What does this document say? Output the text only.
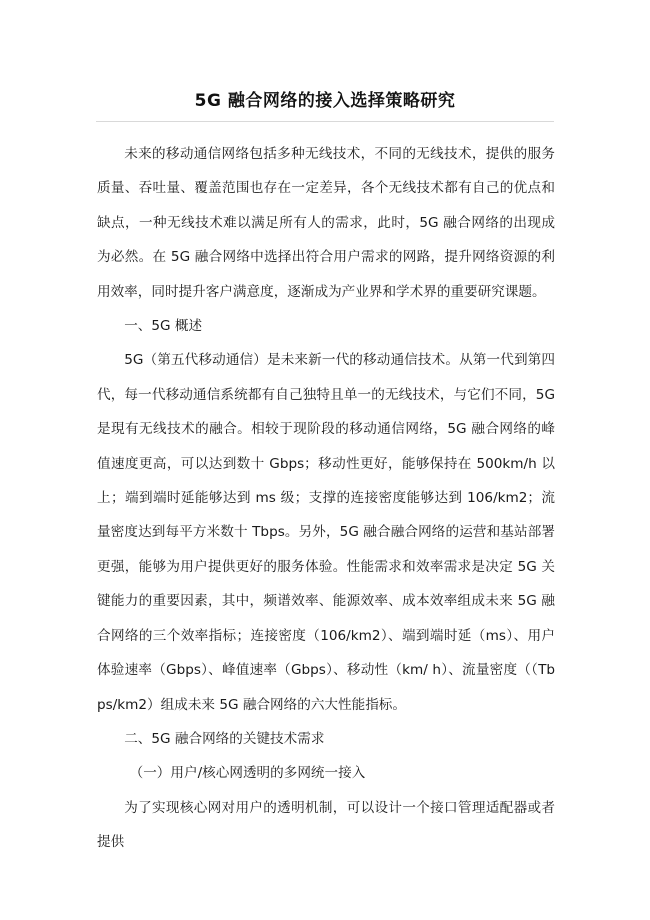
5G 融合网络的接入选择策略研究

未来的移动通信网络包括多种无线技术，不同的无线技术，提供的服务质量、吞吐量、覆盖范围也存在一定差异，各个无线技术都有自己的优点和缺点，一种无线技术难以满足所有人的需求，此时，5G 融合网络的出现成为必然。在 5G 融合网络中选择出符合用户需求的网路，提升网络资源的利用效率，同时提升客户满意度，逐渐成为产业界和学术界的重要研究课题。

一、5G 概述

5G（第五代移动通信）是未来新一代的移动通信技术。从第一代到第四代，每一代移动通信系统都有自己独特且单一的无线技术，与它们不同，5G 是現有无线技术的融合。相较于现阶段的移动通信网络，5G 融合网络的峰值速度更高，可以达到数十 Gbps；移动性更好，能够保持在 500km/h 以上；端到端时延能够达到 ms 级；支撑的连接密度能够达到 106/km2；流量密度达到每平方米数十 Tbps。另外，5G 融合融合网络的运营和基站部署更强，能够为用户提供更好的服务体验。性能需求和效率需求是决定 5G 关键能力的重要因素，其中，频谱效率、能源效率、成本效率组成未来 5G 融合网络的三个效率指标；连接密度（106/km2）、端到端时延（ms）、用户体验速率（Gbps）、峰值速率（Gbps）、移动性（km/ h）、流量密度（（Tbps/km2）组成未来 5G 融合网络的六大性能指标。

二、5G 融合网络的关键技术需求

（一）用户/核心网透明的多网统一接入

为了实现核心网对用户的透明机制，可以设计一个接口管理适配器或者提供
